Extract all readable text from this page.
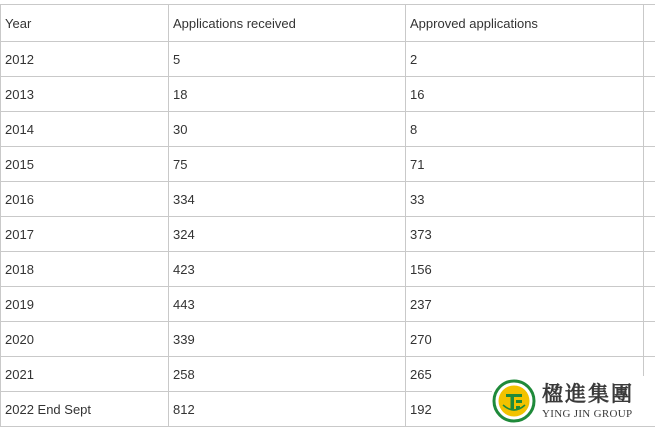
Year	Applications received	Approved applications	
2012	5	2	
2013	18	16	
2014	30	8	
2015	75	71	
2016	334	33	
2017	324	373	
2018	423	156	
2019	443	237	
2020	339	270	
2021	258	265	
2022 End Sept	812	192	
楹進集團
YING JIN GROUP
